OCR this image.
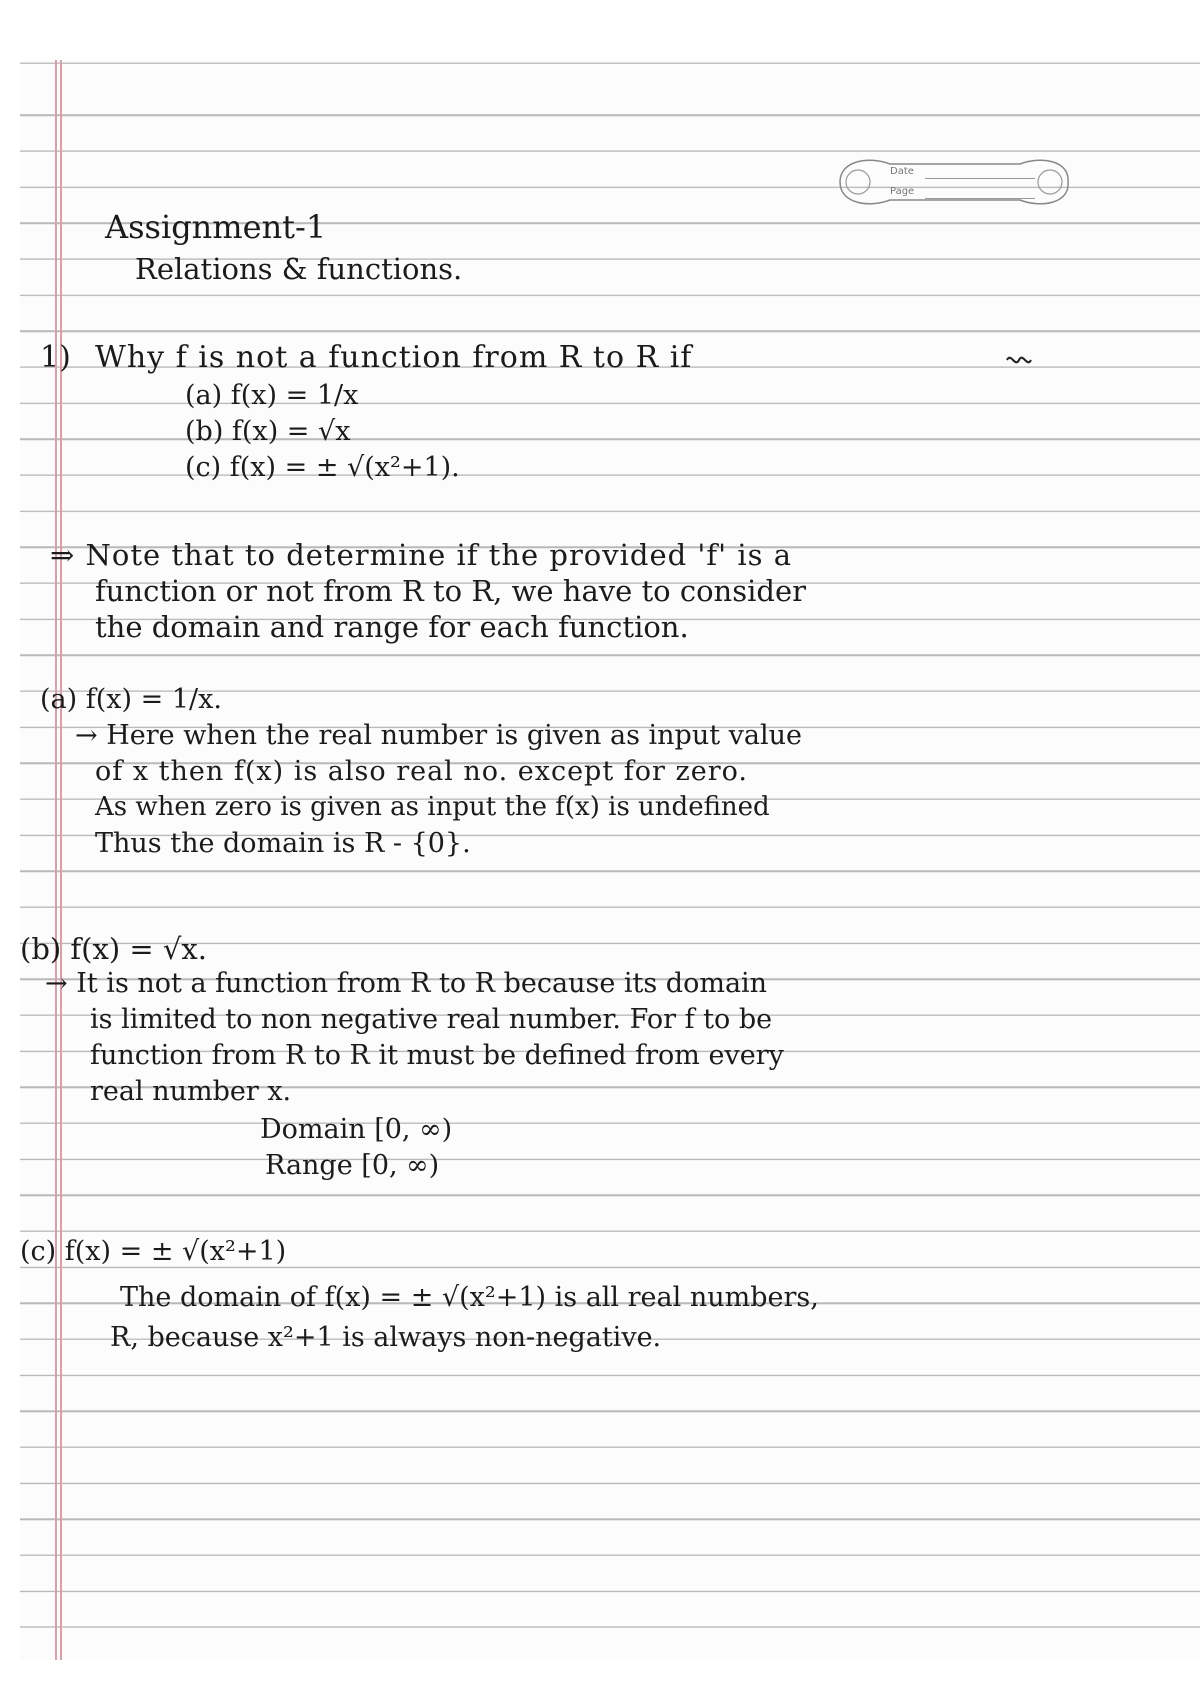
Date
Page
Assignment-1
Relations & functions.
1) Why f is not a function from R to R if
(a) f(x) = 1/x
(b) f(x) = √x
(c) f(x) = ± √(x²+1).
⇒ Note that to determine if the provided 'f' is a
function or not from R to R, we have to consider
the domain and range for each function.
(a) f(x) = 1/x.
→ Here when the real number is given as input value
of x then f(x) is also real no. except for zero.
As when zero is given as input the f(x) is undefined
Thus the domain is R - {0}.
(b) f(x) = √x.
→ It is not a function from R to R because its domain
is limited to non negative real number. For f to be
function from R to R it must be defined from every
real number x.
Domain [0, ∞)
Range [0, ∞)
(c) f(x) = ± √(x²+1)
The domain of f(x) = ± √(x²+1) is all real numbers,
R, because x²+1 is always non-negative.
